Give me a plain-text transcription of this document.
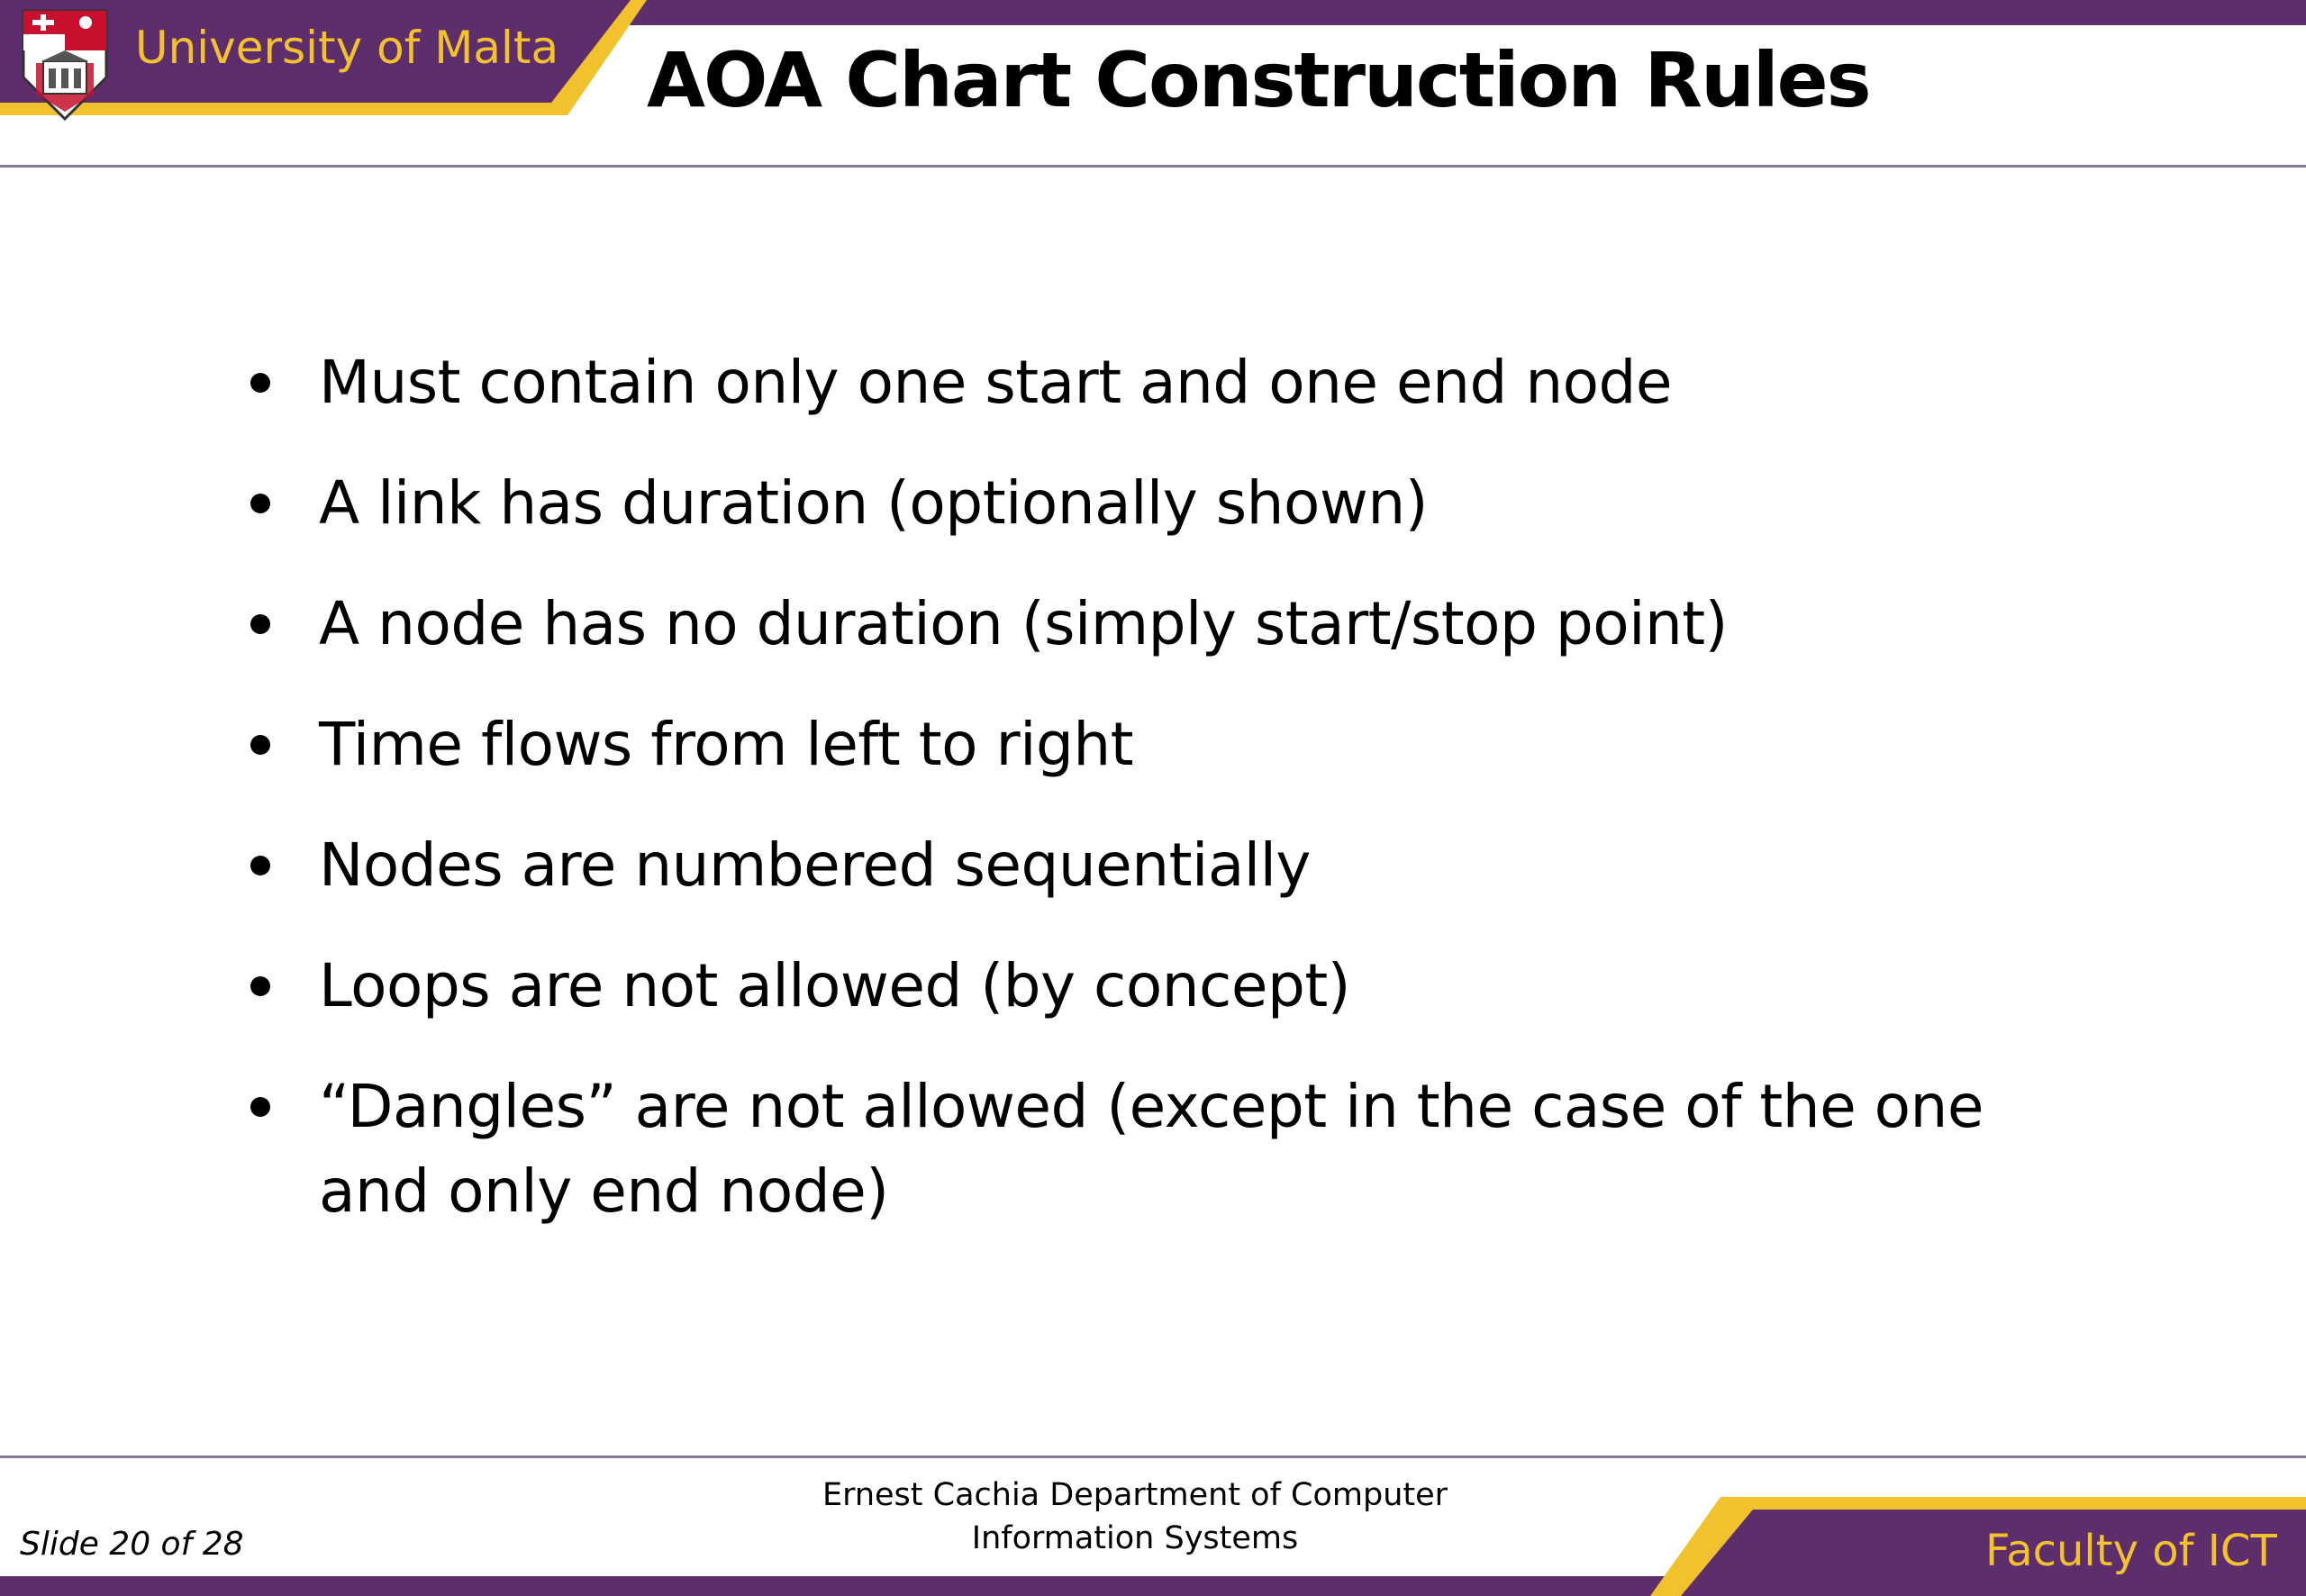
University of Malta AOA Chart Construction Rules
Must contain only one start and one end node
A link has duration (optionally shown)
A node has no duration (simply start/stop point)
Time flows from left to right
Nodes are numbered sequentially
Loops are not allowed (by concept)
“Dangles” are not allowed (except in the case of the one
and only end node)
Slide 20 of 28
Ernest Cachia Department of Computer
Information Systems	Faculty of ICT
